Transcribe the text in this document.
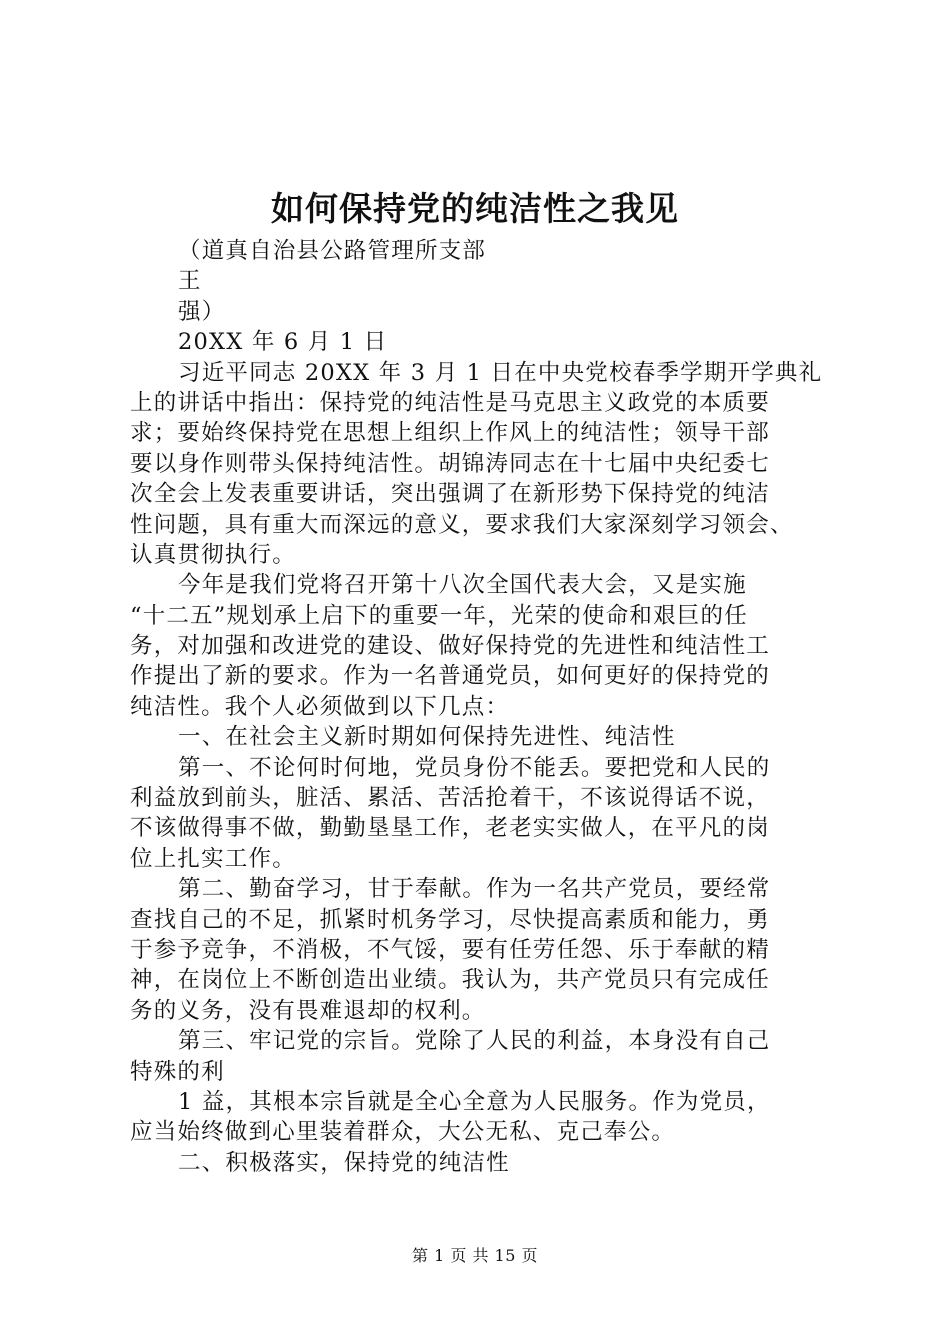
如何保持党的纯洁性之我见
（道真自治县公路管理所支部
王
强）
20XX 年 6 月 1 日
习近平同志 20XX 年 3 月 1 日在中央党校春季学期开学典礼
上的讲话中指出：保持党的纯洁性是马克思主义政党的本质要
求；要始终保持党在思想上组织上作风上的纯洁性；领导干部
要以身作则带头保持纯洁性。胡锦涛同志在十七届中央纪委七
次全会上发表重要讲话，突出强调了在新形势下保持党的纯洁
性问题，具有重大而深远的意义，要求我们大家深刻学习领会、
认真贯彻执行。
今年是我们党将召开第十八次全国代表大会，又是实施
“十二五”规划承上启下的重要一年，光荣的使命和艰巨的任
务，对加强和改进党的建设、做好保持党的先进性和纯洁性工
作提出了新的要求。作为一名普通党员，如何更好的保持党的
纯洁性。我个人必须做到以下几点：
一、在社会主义新时期如何保持先进性、纯洁性
第一、不论何时何地，党员身份不能丢。要把党和人民的
利益放到前头，脏活、累活、苦活抢着干，不该说得话不说，
不该做得事不做，勤勤垦垦工作，老老实实做人，在平凡的岗
位上扎实工作。
第二、勤奋学习，甘于奉献。作为一名共产党员，要经常
查找自己的不足，抓紧时机务学习，尽快提高素质和能力，勇
于参予竞争，不消极，不气馁，要有任劳任怨、乐于奉献的精
神，在岗位上不断创造出业绩。我认为，共产党员只有完成任
务的义务，没有畏难退却的权利。
第三、牢记党的宗旨。党除了人民的利益，本身没有自己
特殊的利
1 益，其根本宗旨就是全心全意为人民服务。作为党员，
应当始终做到心里装着群众，大公无私、克己奉公。
二、积极落实，保持党的纯洁性
第 1 页 共 15 页
